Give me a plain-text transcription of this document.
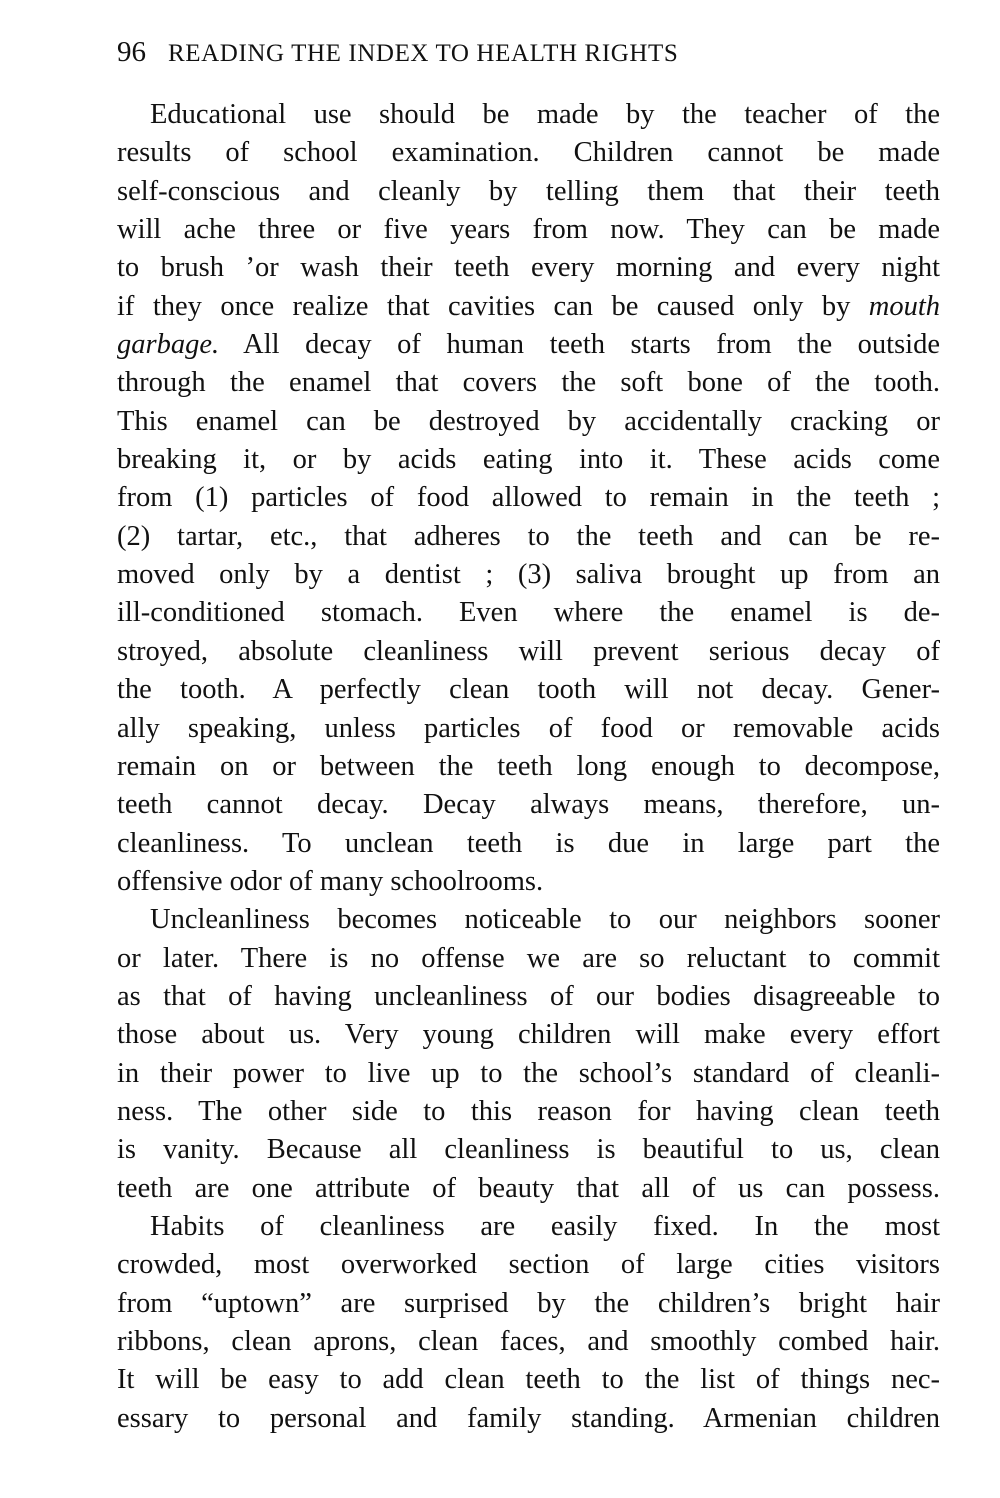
96 READING THE INDEX TO HEALTH RIGHTS
Educational use should be made by the teacher of the
results of school examination. Children cannot be made
self-conscious and cleanly by telling them that their teeth
will ache three or five years from now. They can be made
to brush ’or wash their teeth every morning and every night
if they once realize that cavities can be caused only by mouth
garbage. All decay of human teeth starts from the outside
through the enamel that covers the soft bone of the tooth.
This enamel can be destroyed by accidentally cracking or
breaking it, or by acids eating into it. These acids come
from (1) particles of food allowed to remain in the teeth ;
(2) tartar, etc., that adheres to the teeth and can be re-
moved only by a dentist ; (3) saliva brought up from an
ill-conditioned stomach. Even where the enamel is de-
stroyed, absolute cleanliness will prevent serious decay of
the tooth. A perfectly clean tooth will not decay. Gener-
ally speaking, unless particles of food or removable acids
remain on or between the teeth long enough to decompose,
teeth cannot decay. Decay always means, therefore, un-
cleanliness. To unclean teeth is due in large part the
offensive odor of many schoolrooms.
Uncleanliness becomes noticeable to our neighbors sooner
or later. There is no offense we are so reluctant to commit
as that of having uncleanliness of our bodies disagreeable to
those about us. Very young children will make every effort
in their power to live up to the school’s standard of cleanli-
ness. The other side to this reason for having clean teeth
is vanity. Because all cleanliness is beautiful to us, clean
teeth are one attribute of beauty that all of us can possess.
Habits of cleanliness are easily fixed. In the most
crowded, most overworked section of large cities visitors
from “uptown” are surprised by the children’s bright hair
ribbons, clean aprons, clean faces, and smoothly combed hair.
It will be easy to add clean teeth to the list of things nec-
essary to personal and family standing. Armenian children
